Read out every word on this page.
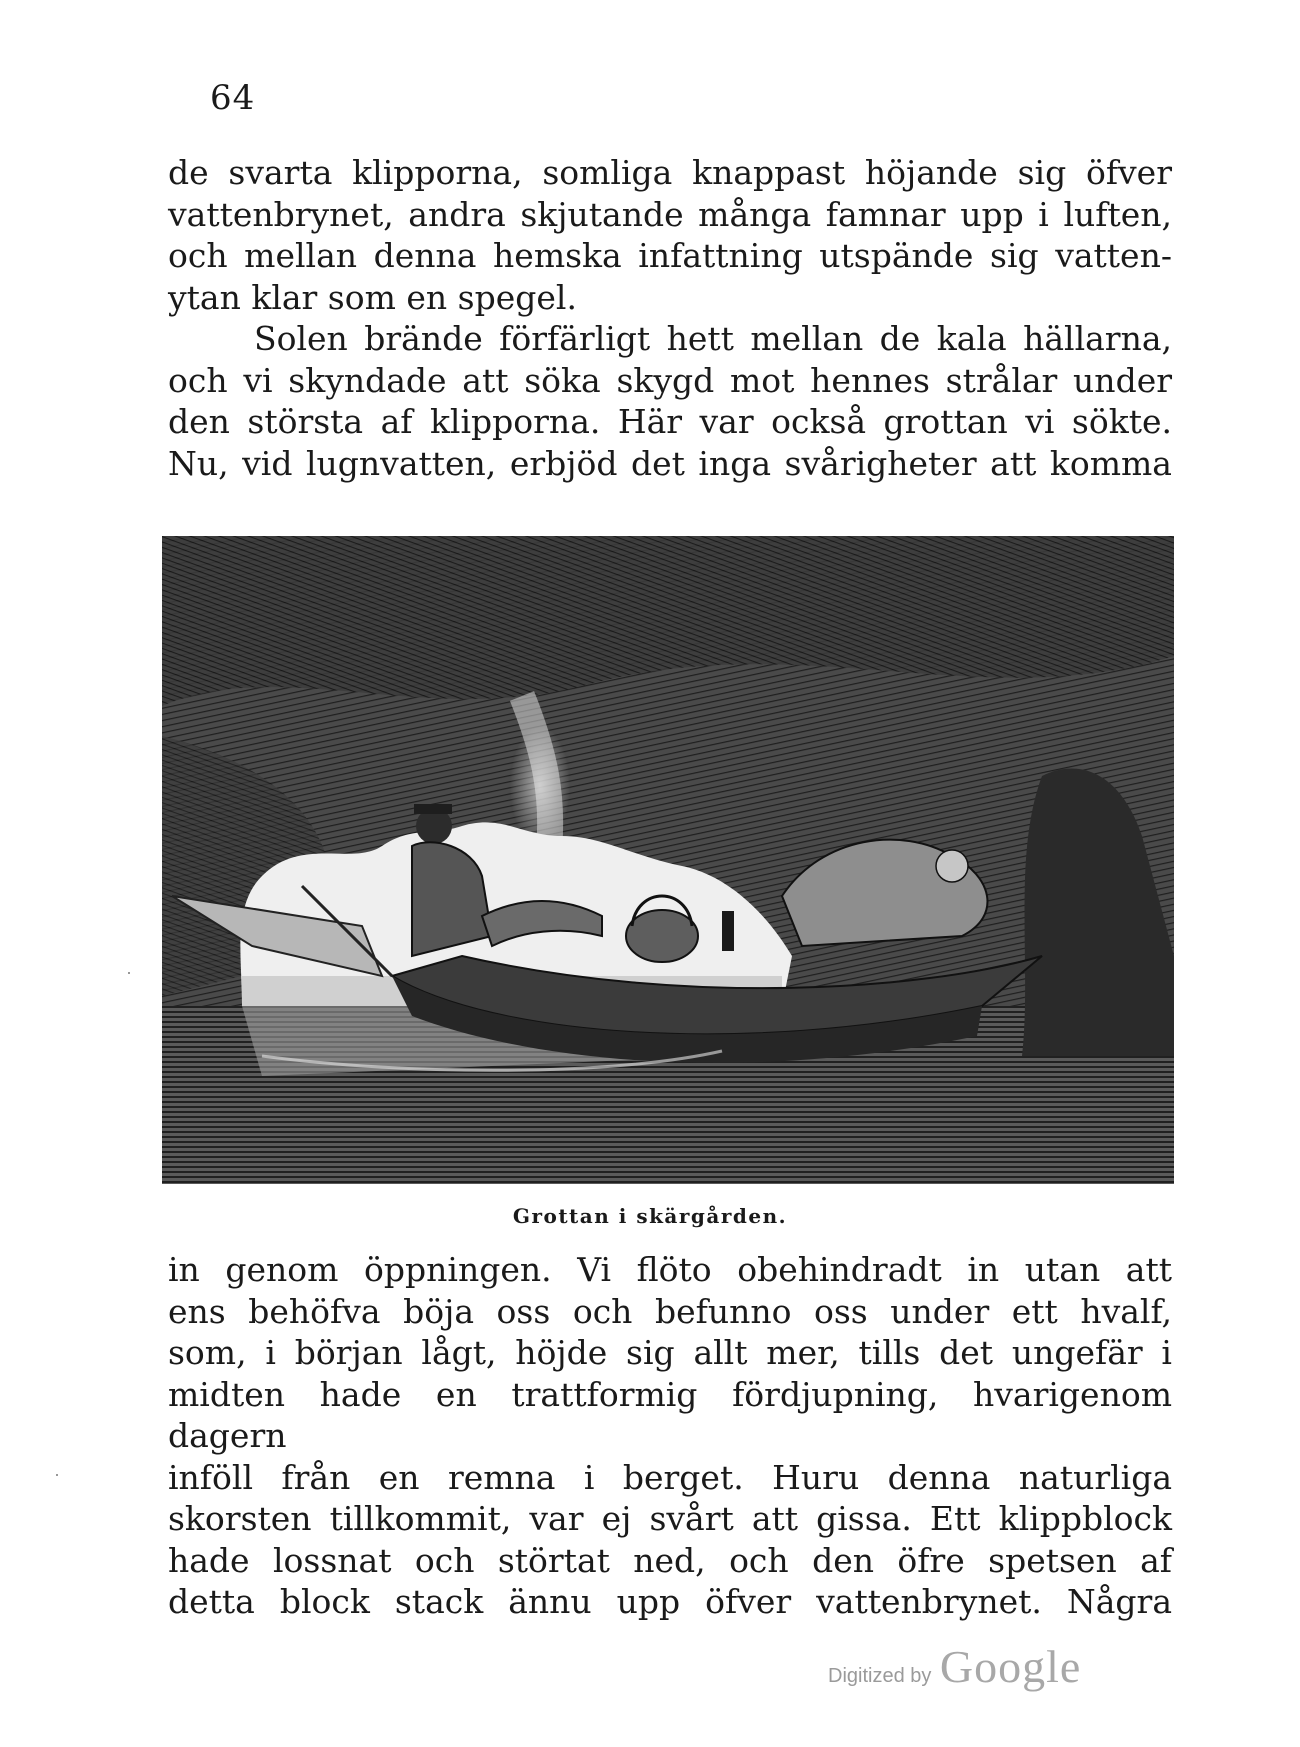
64

de svarta klipporna, somliga knappast höjande sig öfver

vattenbrynet, andra skjutande många famnar upp i luften,

och mellan denna hemska infattning utspände sig vatten-

ytan klar som en spegel.

Solen brände förfärligt hett mellan de kala hällarna,

och vi skyndade att söka skygd mot hennes strålar under

den största af klipporna. Här var också grottan vi sökte.

Nu, vid lugnvatten, erbjöd det inga svårigheter att komma

Grottan i skärgården.

in genom öppningen. Vi flöto obehindradt in utan att

ens behöfva böja oss och befunno oss under ett hvalf,

som, i början lågt, höjde sig allt mer, tills det ungefär i

midten hade en trattformig fördjupning, hvarigenom dagern

inföll från en remna i berget. Huru denna naturliga

skorsten tillkommit, var ej svårt att gissa. Ett klippblock

hade lossnat och störtat ned, och den öfre spetsen af

detta block stack ännu upp öfver vattenbrynet. Några

Digitized by Google
